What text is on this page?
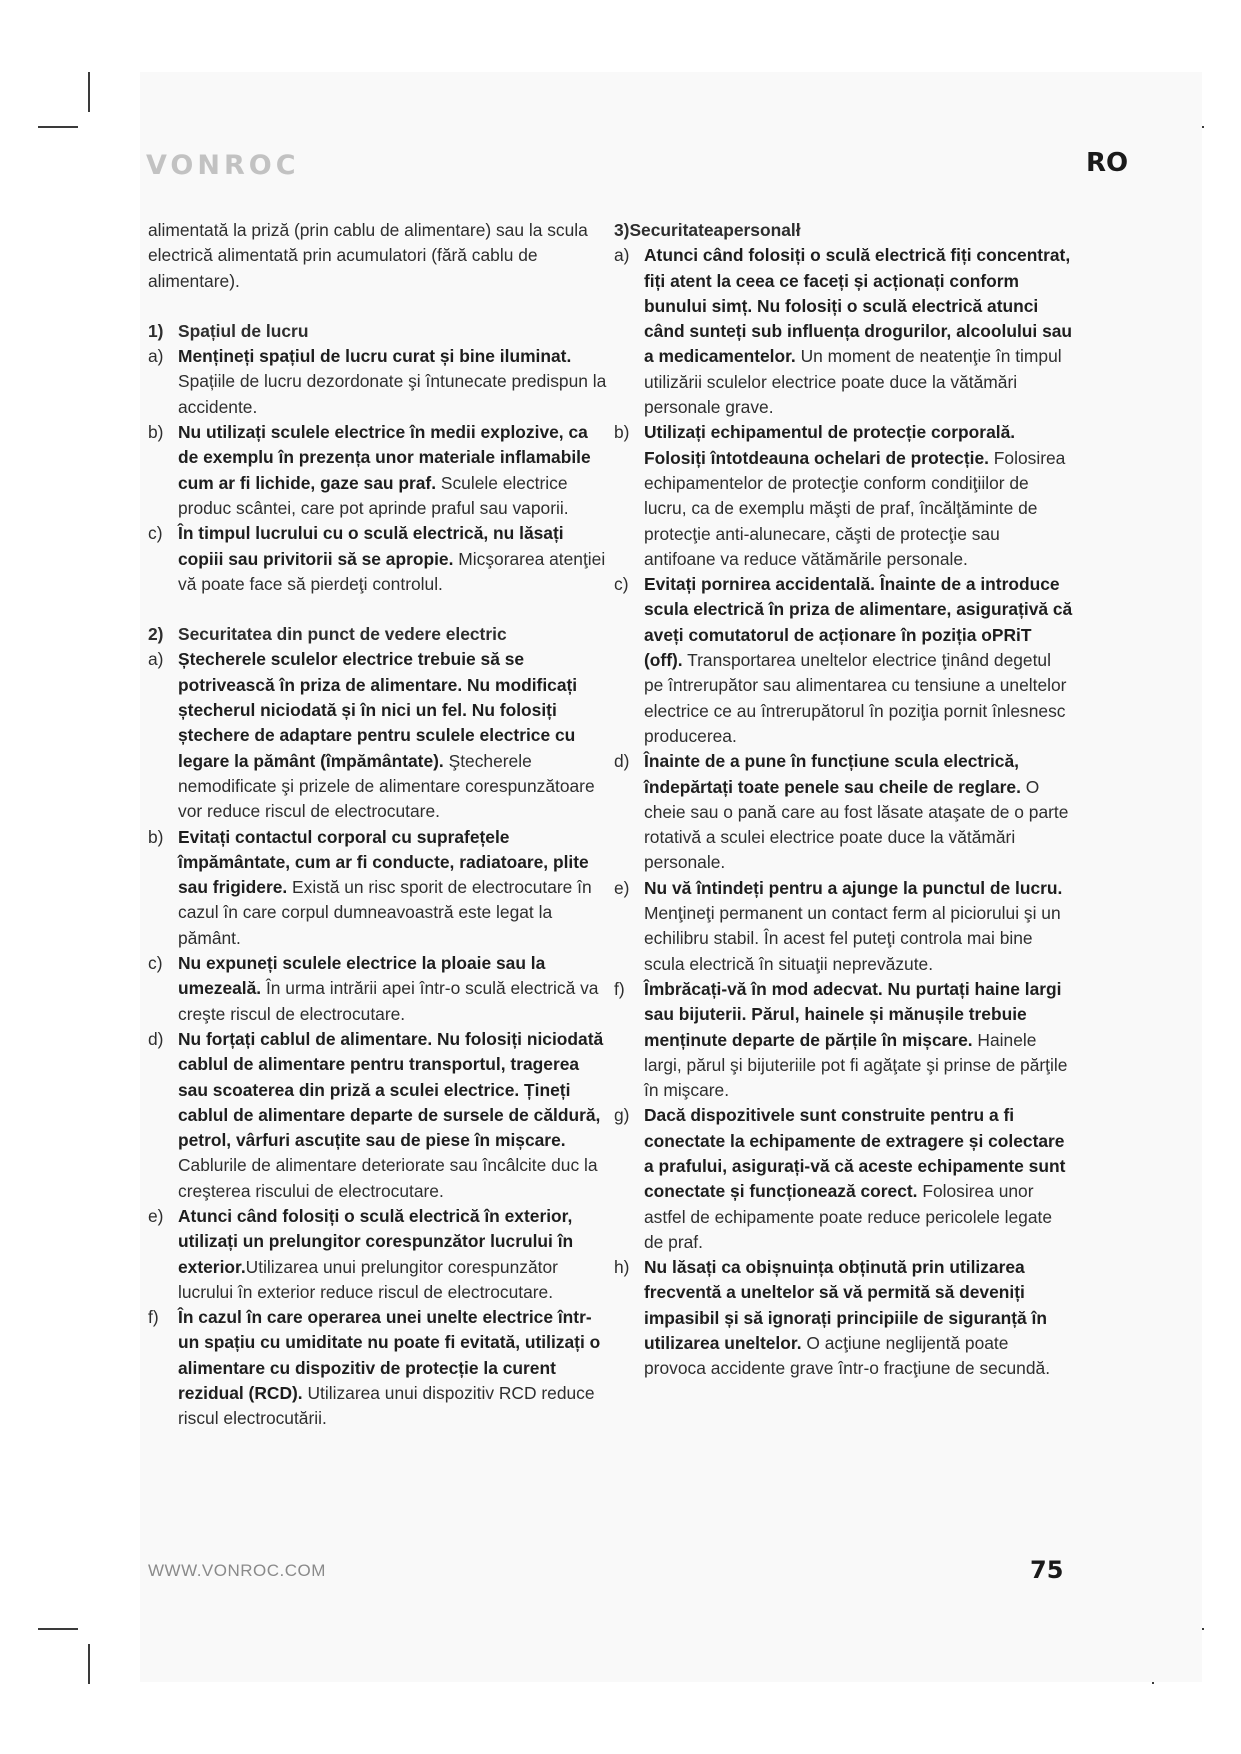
VONROC	RO

alimentată la priză (prin cablu de alimentare) sau la scula electrică alimentată prin acumulatori (fără cablu de alimentare).

1) Spațiul de lucru
a) Mențineți spațiul de lucru curat și bine iluminat. Spațiile de lucru dezordonate şi întunecate predispun la accidente.
b) Nu utilizați sculele electrice în medii explozive, ca de exemplu în prezența unor materiale inflamabile cum ar fi lichide, gaze sau praf. Sculele electrice produc scântei, care pot aprinde praful sau vaporii.
c) În timpul lucrului cu o sculă electrică, nu lăsați copiii sau privitorii să se apropie. Micşorarea atenţiei vă poate face să pierdeţi controlul.
2) Securitatea din punct de vedere electric
a) Ștecherele sculelor electrice trebuie să se potrivească în priza de alimentare. Nu modificați ștecherul niciodată și în nici un fel. Nu folosiți ștechere de adaptare pentru sculele electrice cu legare la pământ (împământate). Ştecherele nemodificate şi prizele de alimentare corespunzătoare vor reduce riscul de electrocutare.
b) Evitați contactul corporal cu suprafețele împământate, cum ar fi conducte, radiatoare, plite sau frigidere. Există un risc sporit de electrocutare în cazul în care corpul dumneavoastră este legat la pământ.
c) Nu expuneți sculele electrice la ploaie sau la umezeală. În urma intrării apei într-o sculă electrică va creşte riscul de electrocutare.
d) Nu forțați cablul de alimentare. Nu folosiți niciodată cablul de alimentare pentru transportul, tragerea sau scoaterea din priză a sculei electrice. Țineți cablul de alimentare departe de sursele de căldură, petrol, vârfuri ascuțite sau de piese în mișcare. Cablurile de alimentare deteriorate sau încâlcite duc la creşterea riscului de electrocutare.
e) Atunci când folosiți o sculă electrică în exterior, utilizați un prelungitor corespunzător lucrului în exterior.Utilizarea unui prelungitor corespunzător lucrului în exterior reduce riscul de electrocutare.
f)	În cazul în care operarea unei unelte electrice într-un spațiu cu umiditate nu poate fi evitată, utilizați o alimentare cu dispozitiv de protecție la curent rezidual (RCD). Utilizarea unui dispozitiv RCD reduce riscul electrocutării.

3)Securitateapersonalł

a) Atunci când folosiți o sculă electrică fiți concentrat, fiți atent la ceea ce faceți și acționați conform bunului simț. Nu folosiți o sculă electrică atunci când sunteți sub influența drogurilor, alcoolului sau a medicamentelor. Un moment de neatenţie în timpul utilizării sculelor electrice poate duce la vătămări personale grave.
b) Utilizați echipamentul de protecție corporală. Folosiți întotdeauna ochelari de protecție. Folosirea echipamentelor de protecţie conform condiţiilor de lucru, ca de exemplu măşti de praf, încălţăminte de protecţie anti-alunecare, căşti de protecţie sau antifoane va reduce vătămările personale.
c) Evitați pornirea accidentală. Înainte de a introduce scula electrică în priza de alimentare, asigurațivă că aveți comutatorul de acționare în poziția oPRiT (off). Transportarea uneltelor electrice ţinând degetul pe întrerupător sau alimentarea cu tensiune a uneltelor electrice ce au întrerupătorul în poziţia pornit înlesnesc producerea.
d) Înainte de a pune în funcțiune scula electrică, îndepărtați toate penele sau cheile de reglare. O cheie sau o pană care au fost lăsate ataşate de o parte rotativă a sculei electrice poate duce la vătămări personale.
e) Nu vă întindeți pentru a ajunge la punctul de lucru. Menţineţi permanent un contact ferm al piciorului şi un echilibru stabil. În acest fel puteţi controla mai bine scula electrică în situaţii neprevăzute.
f)	Îmbrăcați-vă în mod adecvat. Nu purtați haine largi sau bijuterii. Părul, hainele și mănușile trebuie menținute departe de părțile în mișcare. Hainele largi, părul şi bijuteriile pot fi agăţate şi prinse de părţile în mişcare.
g) Dacă dispozitivele sunt construite pentru a fi conectate la echipamente de extragere și colectare a prafului, asigurați-vă că aceste echipamente sunt conectate și funcționează corect. Folosirea unor astfel de echipamente poate reduce pericolele legate de praf.
h) Nu lăsați ca obișnuința obținută prin utilizarea frecventă a uneltelor să vă permită să deveniți impasibil și să ignorați principiile de siguranță în utilizarea uneltelor. O acţiune neglijentă poate provoca accidente grave într-o fracţiune de secundă.
WWW.VONROC.COM	75
